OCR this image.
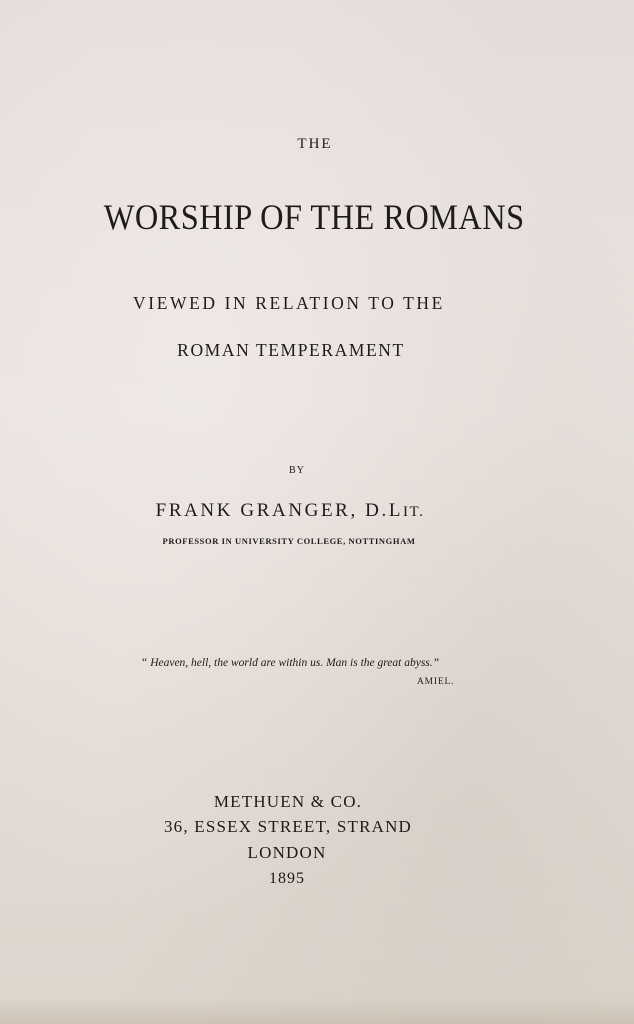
THE
WORSHIP OF THE ROMANS
VIEWED IN RELATION TO THE
ROMAN TEMPERAMENT
BY
FRANK GRANGER, D.LIT.
PROFESSOR IN UNIVERSITY COLLEGE, NOTTINGHAM
“ Heaven, hell, the world are within us. Man is the great abyss.”
AMIEL.
METHUEN & CO.
36, ESSEX STREET, STRAND
LONDON
1895
